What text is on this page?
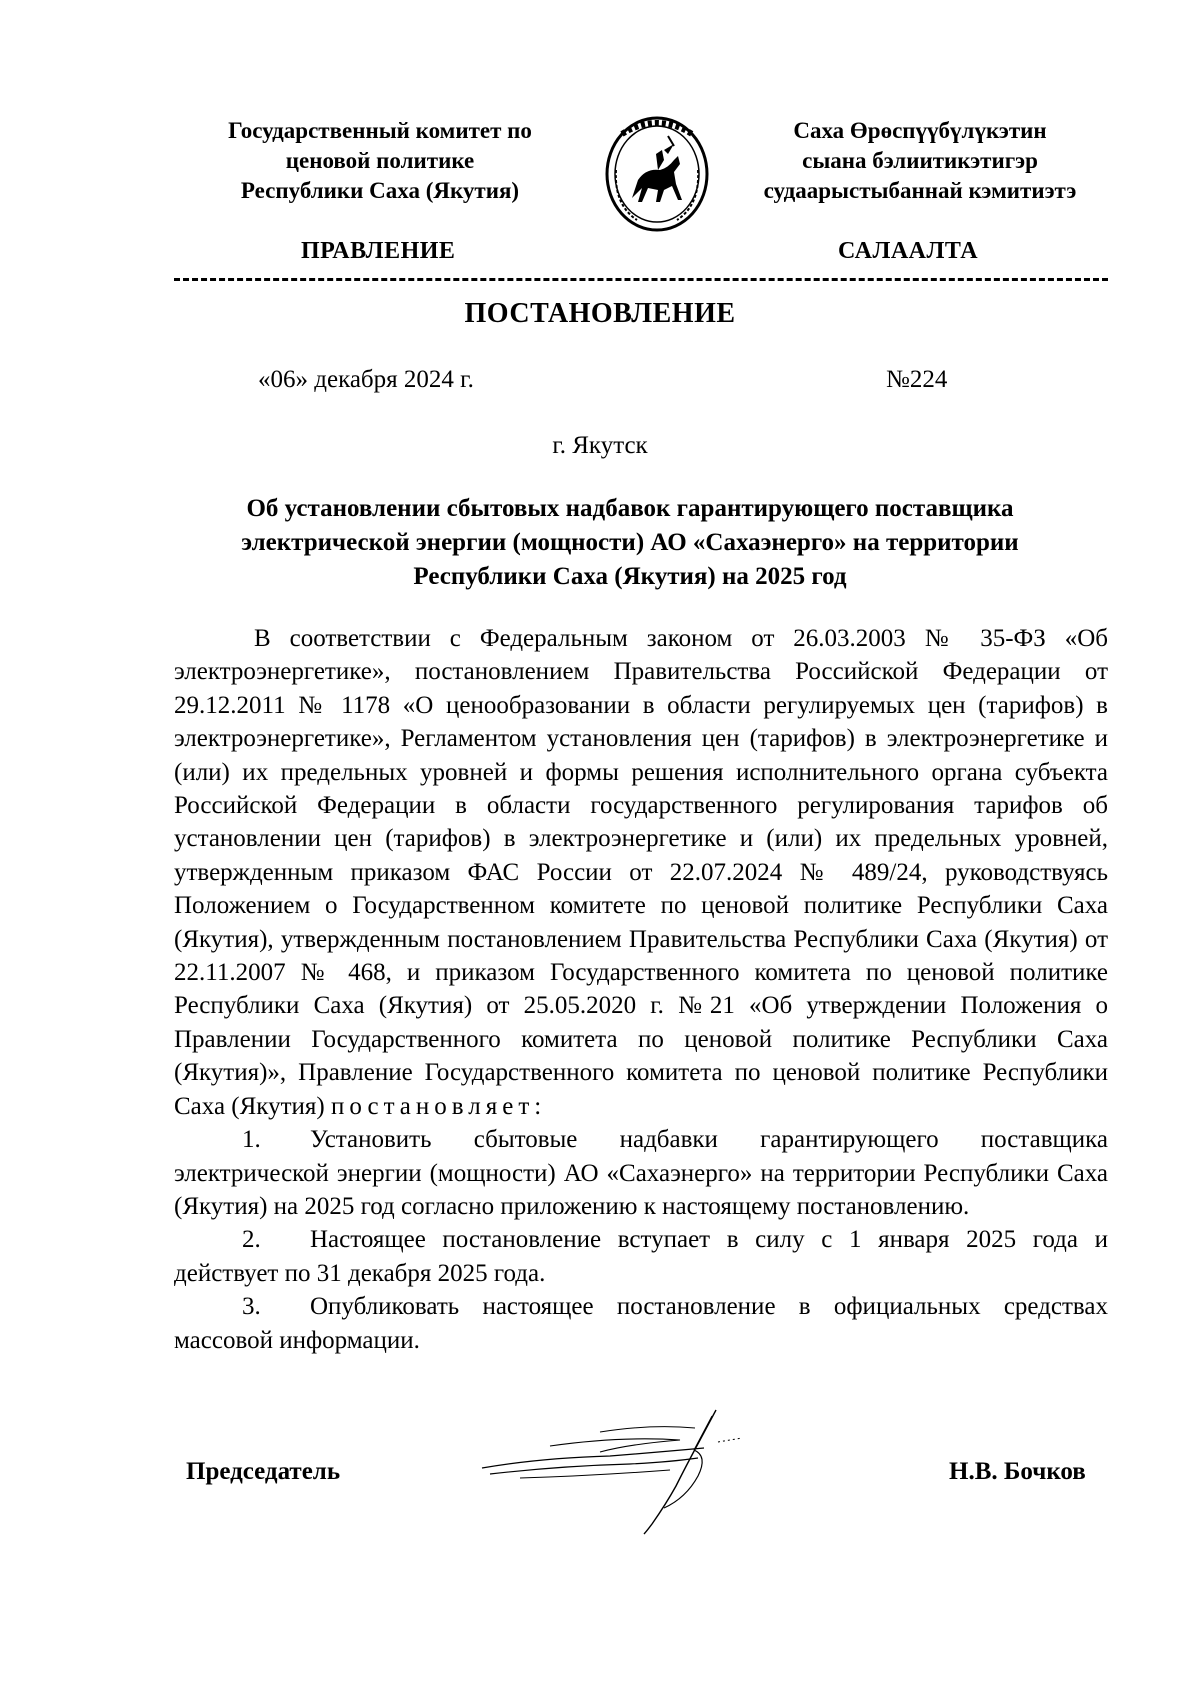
Государственный комитет по
ценовой политике
Республики Саха (Якутия)
Саха Өрөспүүбүлүкэтин
сыана бэлиитикэтигэр
судаарыстыбаннай кэмитиэтэ
ПРАВЛЕНИЕ	САЛААЛТА
ПОСТАНОВЛЕНИЕ
«06» декабря 2024 г.	№224
г. Якутск
Об установлении сбытовых надбавок гарантирующего поставщика
электрической энергии (мощности) АО «Сахаэнерго» на территории
Республики Саха (Якутия) на 2025 год

В соответствии с Федеральным законом от 26.03.2003 № 35-ФЗ «Об электроэнергетике», постановлением Правительства Российской Федерации от 29.12.2011 № 1178 «О ценообразовании в области регулируемых цен (тарифов) в электроэнергетике», Регламентом установления цен (тарифов) в электроэнергетике и (или) их предельных уровней и формы решения исполнительного органа субъекта Российской Федерации в области государственного регулирования тарифов об установлении цен (тарифов) в электроэнергетике и (или) их предельных уровней, утвержденным приказом ФАС России от 22.07.2024 № 489/24, руководствуясь Положением о Государственном комитете по ценовой политике Республики Саха (Якутия), утвержденным постановлением Правительства Республики Саха (Якутия) от 22.11.2007 № 468, и приказом Государственного комитета по ценовой политике Республики Саха (Якутия) от 25.05.2020 г. №21 «Об утверждении Положения о Правлении Государственного комитета по ценовой политике Республики Саха (Якутия)», Правление Государственного комитета по ценовой политике Республики Саха (Якутия) постановляет:

1. Установить сбытовые надбавки гарантирующего поставщика электрической энергии (мощности) АО «Сахаэнерго» на территории Республики Саха (Якутия) на 2025 год согласно приложению к настоящему постановлению.

2. Настоящее постановление вступает в силу с 1 января 2025 года и действует по 31 декабря 2025 года.

3. Опубликовать настоящее постановление в официальных средствах массовой информации.

Председатель	Н.В. Бочков
